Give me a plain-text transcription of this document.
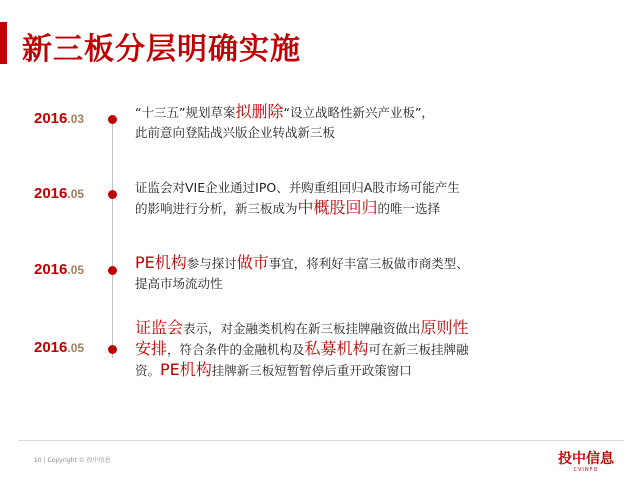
新三板分层明确实施
2016.03	“十三五”规划草案拟删除“设立战略性新兴产业板”，
此前意向登陆战兴版企业转战新三板
2016.05	证监会对VIE企业通过IPO、并购重组回归A股市场可能产生
的影响进行分析，新三板成为中概股回归的唯一选择
2016.05	PE机构参与探讨做市事宜，将利好丰富三板做市商类型、
提高市场流动性
2016.05
证监会表示，对金融类机构在新三板挂牌融资做出原则性
安排，符合条件的金融机构及私募机构可在新三板挂牌融
资。PE机构挂牌新三板短暂暂停后重开政策窗口
10 | Copyright © 投中信息	投中信息
CVINFO
